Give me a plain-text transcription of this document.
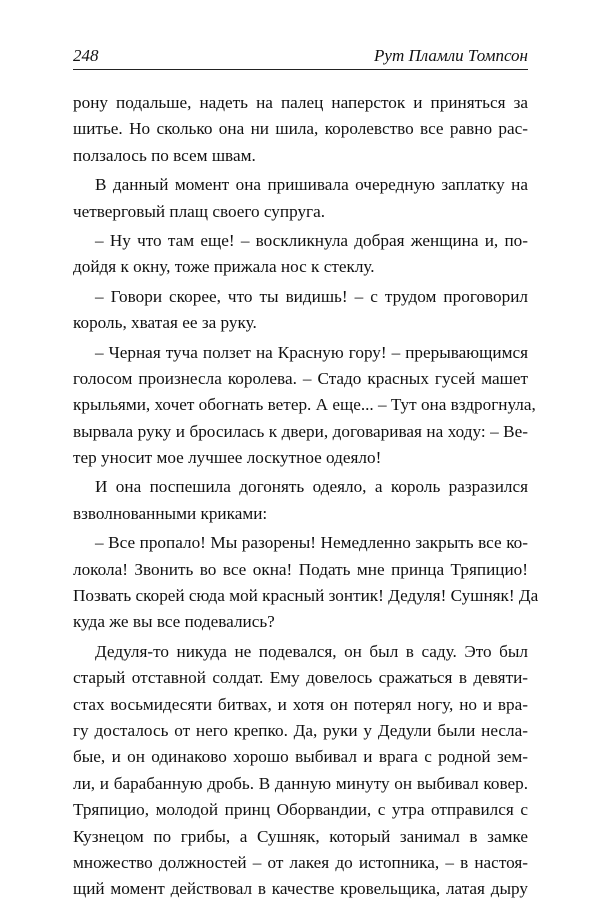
248	Рут Пламли Томпсон
рону подальше, надеть на палец наперсток и приняться за
шитье. Но сколько она ни шила, королевство все равно рас-
ползалось по всем швам.
В данный момент она пришивала очередную заплатку на
четверговый плащ своего супруга.
– Ну что там еще! – воскликнула добрая женщина и, по-
дойдя к окну, тоже прижала нос к стеклу.
– Говори скорее, что ты видишь! – с трудом проговорил
король, хватая ее за руку.
– Черная туча ползет на Красную гору! – прерывающимся
голосом произнесла королева. – Стадо красных гусей машет
крыльями, хочет обогнать ветер. А еще... – Тут она вздрогнула,
вырвала руку и бросилась к двери, договаривая на ходу: – Ве-
тер уносит мое лучшее лоскутное одеяло!
И она поспешила догонять одеяло, а король разразился
взволнованными криками:
– Все пропало! Мы разорены! Немедленно закрыть все ко-
локола! Звонить во все окна! Подать мне принца Тряпицио!
Позвать скорей сюда мой красный зонтик! Дедуля! Сушняк! Да
куда же вы все подевались?
Дедуля-то никуда не подевался, он был в саду. Это был
старый отставной солдат. Ему довелось сражаться в девяти-
стах восьмидесяти битвах, и хотя он потерял ногу, но и вра-
гу досталось от него крепко. Да, руки у Дедули были несла-
бые, и он одинаково хорошо выбивал и врага с родной зем-
ли, и барабанную дробь. В данную минуту он выбивал ковер.
Тряпицио, молодой принц Оборвандии, с утра отправился с
Кузнецом по грибы, а Сушняк, который занимал в замке
множество должностей – от лакея до истопника, – в настоя-
щий момент действовал в качестве кровельщика, латая дыру
